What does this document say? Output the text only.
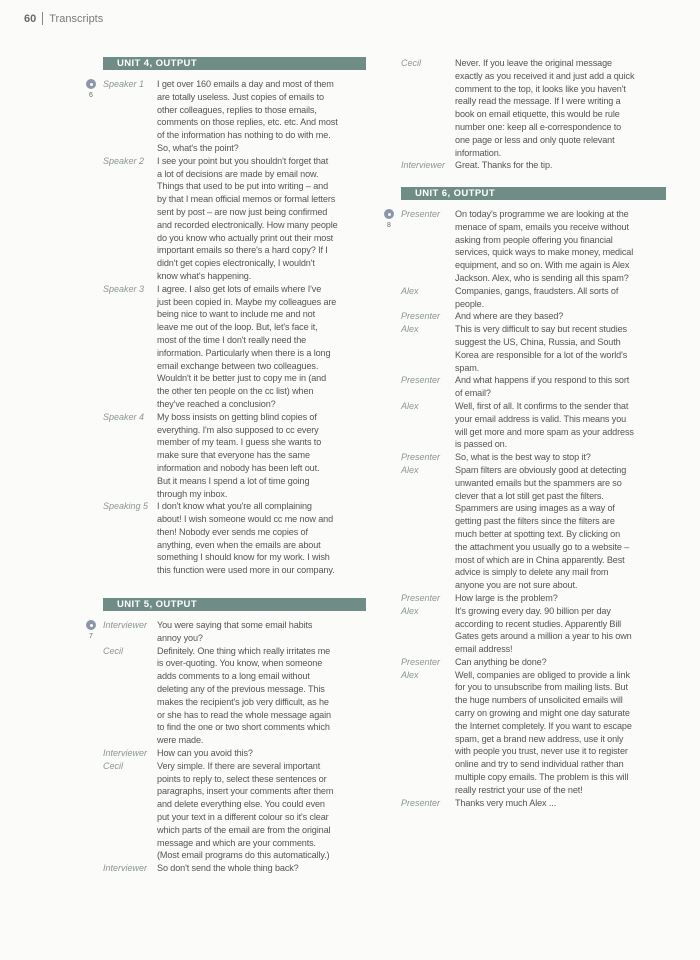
60 Transcripts
UNIT 4, OUTPUT
6
Speaker 1	I get over 160 emails a day and most of them
are totally useless. Just copies of emails to
other colleagues, replies to those emails,
comments on those replies, etc. etc. And most
of the information has nothing to do with me.
So, what's the point?
Speaker 2	I see your point but you shouldn't forget that
a lot of decisions are made by email now.
Things that used to be put into writing – and
by that I mean official memos or formal letters
sent by post – are now just being confirmed
and recorded electronically. How many people
do you know who actually print out their most
important emails so there's a hard copy? If I
didn't get copies electronically, I wouldn't
know what's happening.
Speaker 3	I agree. I also get lots of emails where I've
just been copied in. Maybe my colleagues are
being nice to want to include me and not
leave me out of the loop. But, let's face it,
most of the time I don't really need the
information. Particularly when there is a long
email exchange between two colleagues.
Wouldn't it be better just to copy me in (and
the other ten people on the cc list) when
they've reached a conclusion?
Speaker 4	My boss insists on getting blind copies of
everything. I'm also supposed to cc every
member of my team. I guess she wants to
make sure that everyone has the same
information and nobody has been left out.
But it means I spend a lot of time going
through my inbox.
Speaking 5 I don't know what you're all complaining
about! I wish someone would cc me now and
then! Nobody ever sends me copies of
anything, even when the emails are about
something I should know for my work. I wish
this function were used more in our company.
UNIT 5, OUTPUT
7
Interviewer	You were saying that some email habits
annoy you?
Cecil	Definitely. One thing which really irritates me
is over-quoting. You know, when someone
adds comments to a long email without
deleting any of the previous message. This
makes the recipient's job very difficult, as he
or she has to read the whole message again
to find the one or two short comments which
were made.
Interviewer	How can you avoid this?
Cecil	Very simple. If there are several important
points to reply to, select these sentences or
paragraphs, insert your comments after them
and delete everything else. You could even
put your text in a different colour so it's clear
which parts of the email are from the original
message and which are your comments.
(Most email programs do this automatically.)
Interviewer	So don't send the whole thing back?
Cecil	Never. If you leave the original message
exactly as you received it and just add a quick
comment to the top, it looks like you haven't
really read the message. If I were writing a
book on email etiquette, this would be rule
number one: keep all e-correspondence to
one page or less and only quote relevant
information.
Interviewer	Great. Thanks for the tip.
UNIT 6, OUTPUT
8
Presenter	On today's programme we are looking at the
menace of spam, emails you receive without
asking from people offering you financial
services, quick ways to make money, medical
equipment, and so on. With me again is Alex
Jackson. Alex, who is sending all this spam?
Alex	Companies, gangs, fraudsters. All sorts of
people.
Presenter	And where are they based?
Alex	This is very difficult to say but recent studies
suggest the US, China, Russia, and South
Korea are responsible for a lot of the world's
spam.
Presenter	And what happens if you respond to this sort
of email?
Alex	Well, first of all. It confirms to the sender that
your email address is valid. This means you
will get more and more spam as your address
is passed on.
Presenter	So, what is the best way to stop it?
Alex	Spam filters are obviously good at detecting
unwanted emails but the spammers are so
clever that a lot still get past the filters.
Spammers are using images as a way of
getting past the filters since the filters are
much better at spotting text. By clicking on
the attachment you usually go to a website –
most of which are in China apparently. Best
advice is simply to delete any mail from
anyone you are not sure about.
Presenter	How large is the problem?
Alex	It's growing every day. 90 billion per day
according to recent studies. Apparently Bill
Gates gets around a million a year to his own
email address!
Presenter	Can anything be done?
Alex	Well, companies are obliged to provide a link
for you to unsubscribe from mailing lists. But
the huge numbers of unsolicited emails will
carry on growing and might one day saturate
the Internet completely. If you want to escape
spam, get a brand new address, use it only
with people you trust, never use it to register
online and try to send individual rather than
multiple copy emails. The problem is this will
really restrict your use of the net!
Presenter	Thanks very much Alex ...
